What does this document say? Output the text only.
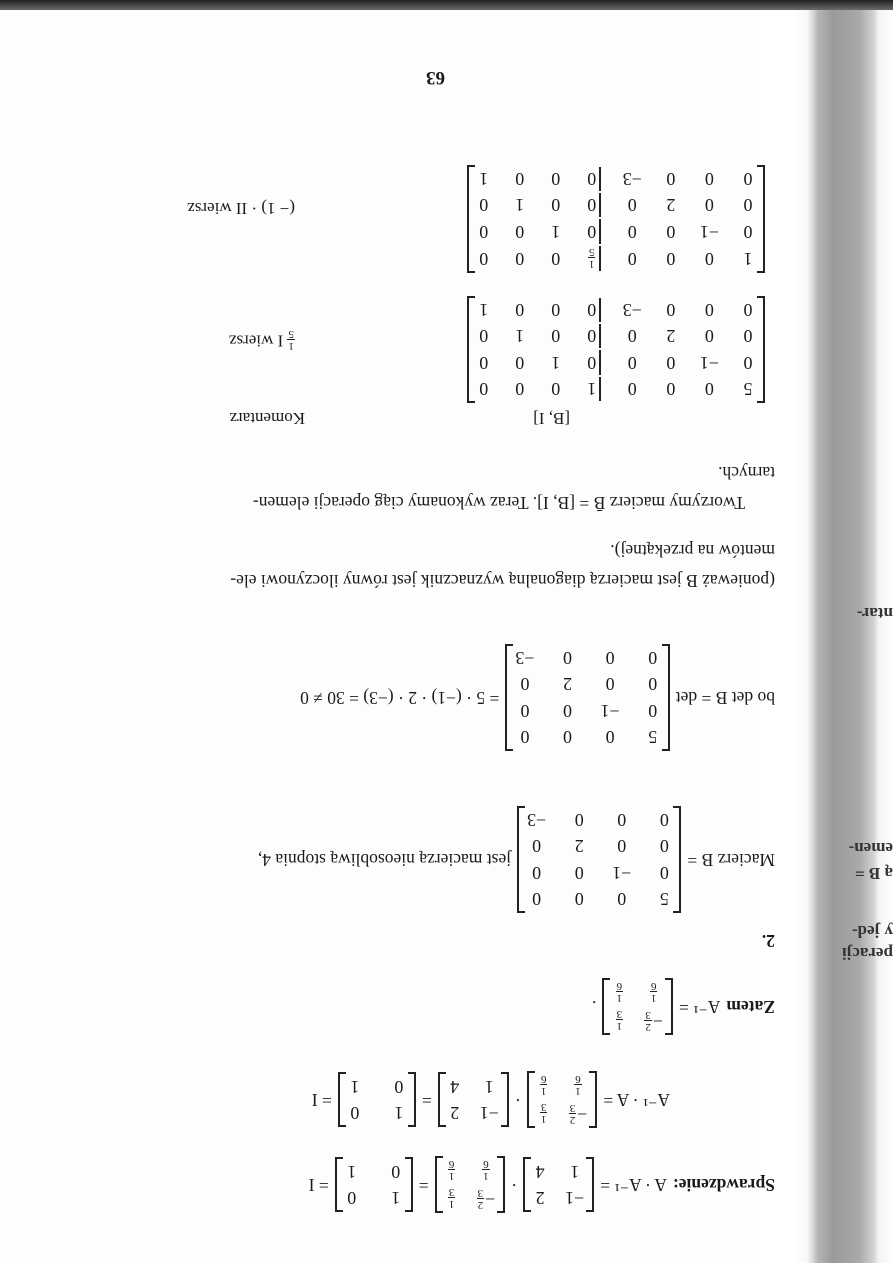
ntar-
emen-
ą B =
y jed-
peracji
Sprawdzenie:
A · A⁻¹ =
−1
2
1
4
·
−
2
3
1
3
1
6
1
6
=
1
0
0
1
= I
A⁻¹ · A =
−
2
3
1
3
1
6
1
6
·
−1
2
1
4
=
1
0
0
1
= I
Zatem
A⁻¹ =
−
2
3
1
3
1
6
1
6
.
2.
Macierz B =
5
0
0
0
0
−1
0
0
0
0
2
0
0
0
0
−3
jest macierzą nieosobliwą stopnia 4,
bo det B = det
5
0
0
0
0
−1
0
0
0
0
2
0
0
0
0
−3
= 5 · (−1) · 2 · (−3) = 30 ≠ 0
(ponieważ B jest macierzą diagonalną wyznacznik jest równy iloczynowi ele-
mentów na przekątnej).
Tworzymy macierz B̄ = [B, I]. Teraz wykonamy ciąg operacji elemen-
tarnych.
[B, I]
Komentarz
5
0
0
0
1
0
0
0
0
−1
0
0
0
1
0
0
0
0
2
0
0
0
1
0
0
0
0
−3
0
0
0
1
1
5
I wiersz
1
0
0
0
1
5
0
0
0
0
−1
0
0
0
1
0
0
0
0
2
0
0
0
1
0
0
0
0
−3
0
0
0
1
(− 1) · II wiersz
63
